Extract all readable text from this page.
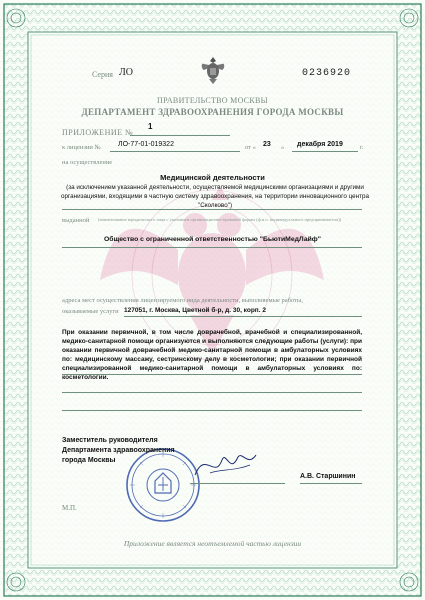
Серия ЛО	0236920
ПРАВИТЕЛЬСТВО МОСКВЫ
ДЕПАРТАМЕНТ ЗДРАВООХРАНЕНИЯ ГОРОДА МОСКВЫ
ПРИЛОЖЕНИЕ №
1
к лицензии № ЛО-77-01-019322	от « 23 » декабря 2019	г.
на осуществление
Медицинской деятельности
(за исключением указанной деятельности, осуществляемой медицинскими организациями и другими организациями, входящими в частную систему здравоохранения, на территории инновационного центра "Сколково")
выданной (наименование юридического лица с указанием организационно-правовой формы (ф.и.о. индивидуального предпринимателя))
Общество с ограниченной ответственностью "БьютиМедЛайф"
адреса мест осуществления лицензируемого вида деятельности, выполняемые работы,
оказываемые услуги 127051, г. Москва, Цветной б-р, д. 30, корп. 2
При оказании первичной, в том числе доврачебной, врачебной и специализированной, медико-санитарной помощи организуются и выполняются следующие работы (услуги): при оказании первичной доврачебной медико-санитарной помощи в амбулаторных условиях по: медицинскому массажу, сестринскому делу в косметологии; при оказании первичной специализированной медико-санитарной помощи в амбулаторных условиях по: косметологии.
Заместитель руководителя Департамента здравоохранения города Москвы
А.В. Старшинин
М.П.
Приложение является неотъемлемой частью лицензии
